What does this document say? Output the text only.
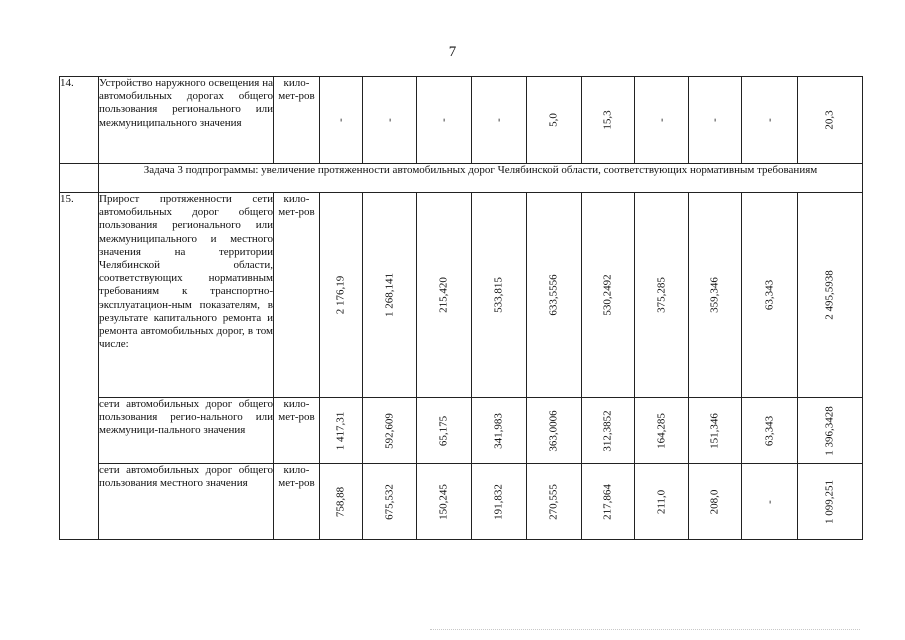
7
14.	Устройство наружного освещения на автомобильных дорогах общего пользования регионального или межмуниципального значения	кило-мет-ров	-	-	-	-	5,0	15,3	-	-	-	20,3

	Задача 3 подпрограммы: увеличение протяженности автомобильных дорог Челябинской области, соответствующих нормативным требованиям											
15.	Прирост протяженности сети автомобильных дорог общего пользования регионального или межмуниципального и местного значения на территории Челябинской области, соответствующих нормативным требованиям к транспортно-эксплуатацион-ным показателям, в результате капитального ремонта и ремонта автомобильных дорог, в том числе:	кило-мет-ров	2 176,19	1 268,141	215,420	533,815	633,5556	530,2492	375,285	359,346	63,343	2 495,5938

	сети автомобильных дорог общего пользования регио-нального или межмуници-пального значения	кило-мет-ров	1 417,31	592,609	65,175	341,983	363,0006	312,3852	164,285	151,346	63,343	1 396,3428

	сети автомобильных дорог общего пользования местного значения	кило-мет-ров	758,88	675,532	150,245	191,832	270,555	217,864	211,0	208,0	-	1 099,251
